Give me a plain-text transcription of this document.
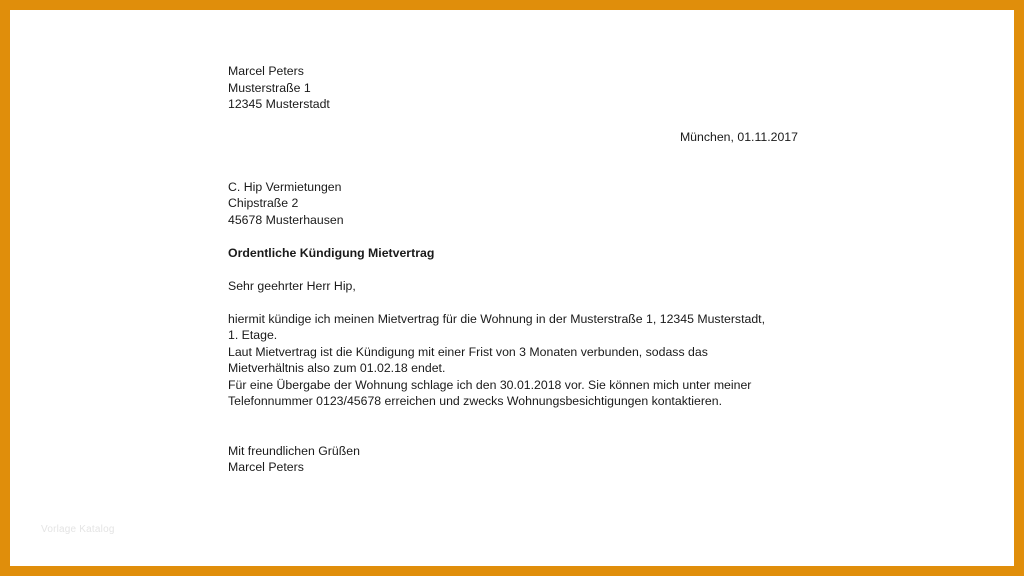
Marcel Peters
Musterstraße 1
12345 Musterstadt
München, 01.11.2017
C. Hip Vermietungen
Chipstraße 2
45678 Musterhausen
Ordentliche Kündigung Mietvertrag
Sehr geehrter Herr Hip,
hiermit kündige ich meinen Mietvertrag für die Wohnung in der Musterstraße 1, 12345 Musterstadt,
1. Etage.
Laut Mietvertrag ist die Kündigung mit einer Frist von 3 Monaten verbunden, sodass das
Mietverhältnis also zum 01.02.18 endet.
Für eine Übergabe der Wohnung schlage ich den 30.01.2018 vor. Sie können mich unter meiner
Telefonnummer 0123/45678 erreichen und zwecks Wohnungsbesichtigungen kontaktieren.
Mit freundlichen Grüßen
Marcel Peters
Vorlage Katalog
